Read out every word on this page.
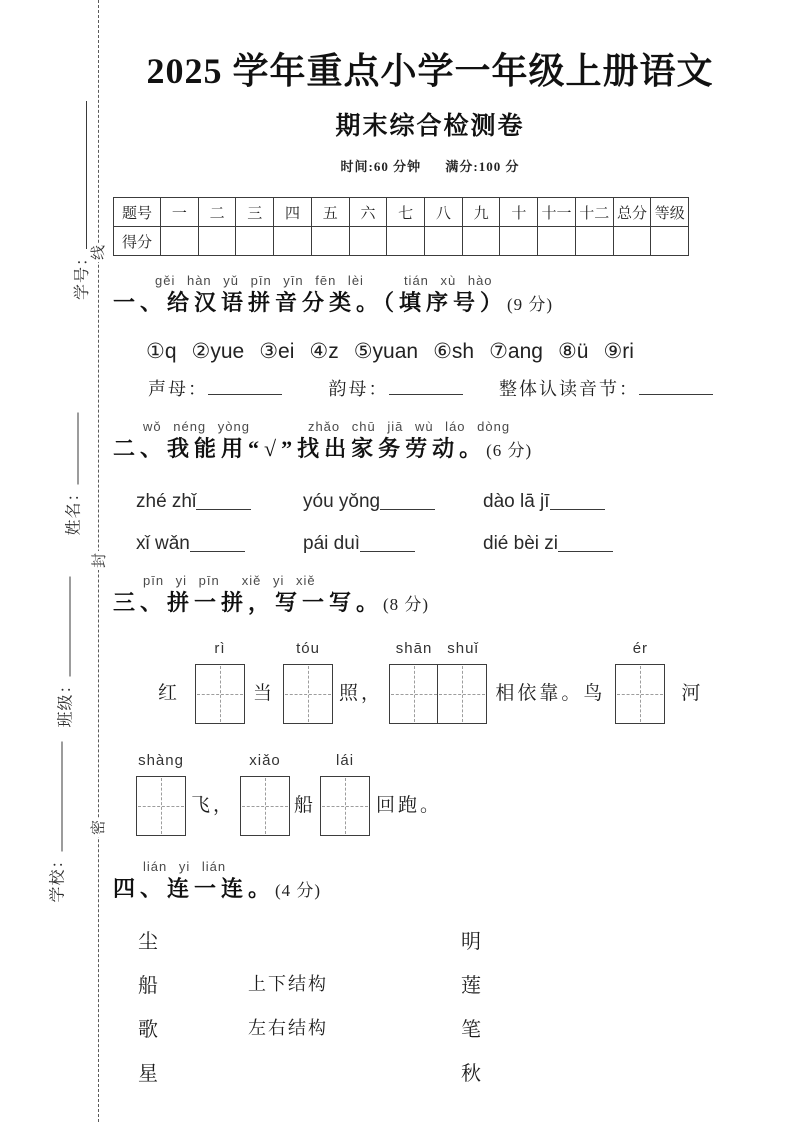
线
封
密
学号：
姓名：
班级：
学校：
2025 学年重点小学一年级上册语文
期末综合检测卷
时间:60 分钟 满分:100 分
题号	一	二	三	四	五	六	七	八	九	十	十一	十二	总分	等级
得分														
gěi hàn yǔ pīn yīn fēn lèi	tián xù hào
一、给汉语拼音分类。（填序号）(9 分)
①q ②yue ③ei ④z ⑤yuan ⑥sh ⑦ang ⑧ü ⑨ri
声母：	韵母：	整体认读音节：
wǒ néng yòng	zhǎo chū jiā wù láo dòng
二、我能用“√”找出家务劳动。(6 分)
zhé zhǐ	yóu yǒng	dào lā jī
xǐ wǎn	pái duì	dié bèi zi
pīn yi pīn xiě yi xiě
三、拼一拼，写一写。(8 分)
红
rì
当
tóu
照，
shān shuǐ
相依靠。鸟
ér
河
shàng
飞，
xiǎo
船
lái
回跑。
lián yi lián
四、连一连。(4 分)
尘	明
船	上下结构	莲
歌	左右结构	笔
星	秋
